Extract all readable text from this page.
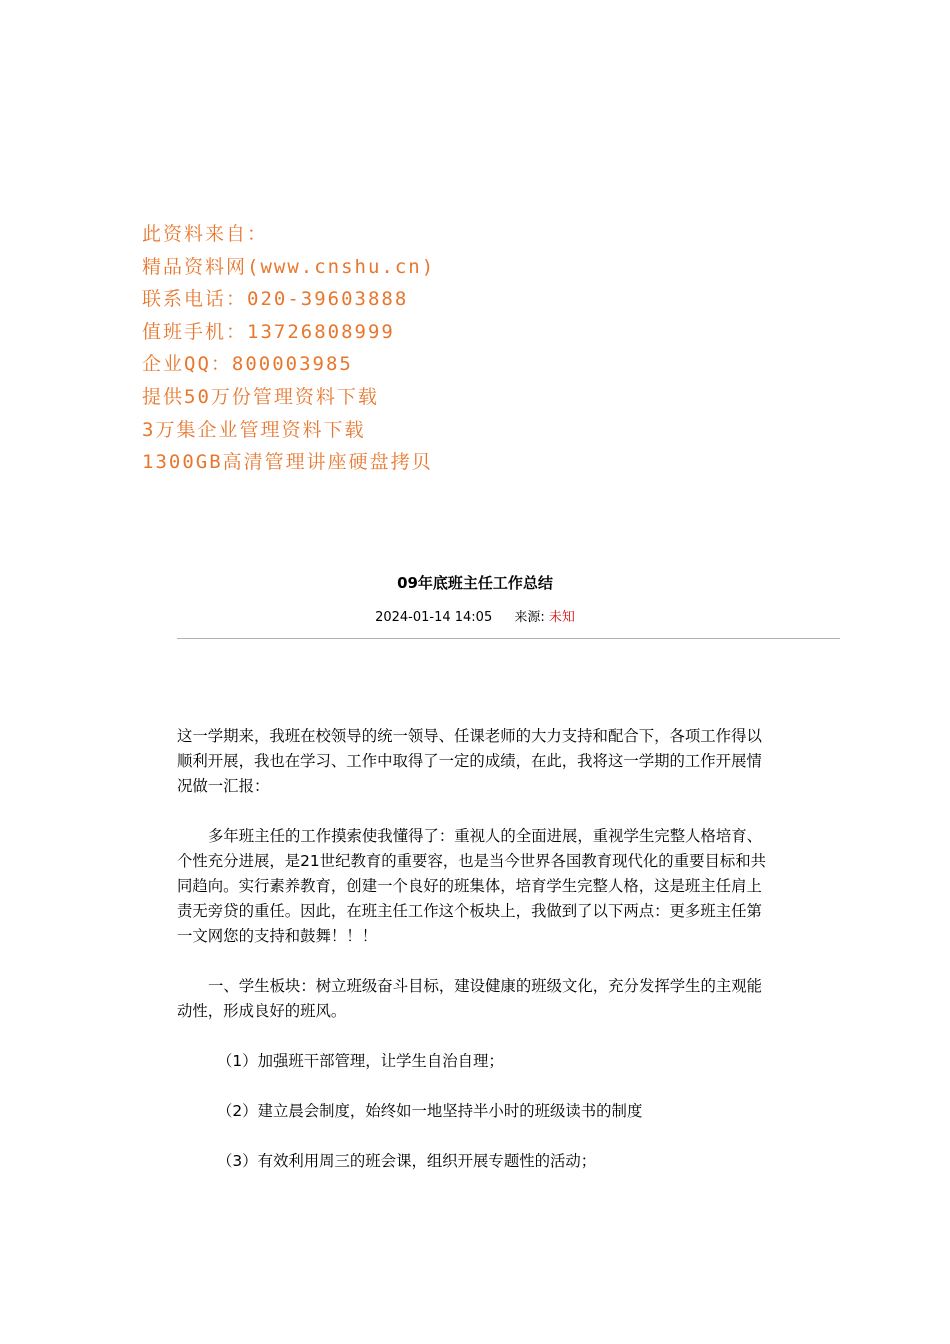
此资料来自：
精品资料网(www.cnshu.cn)
联系电话：020-39603888
值班手机：13726808999
企业QQ：800003985
提供50万份管理资料下载
3万集企业管理资料下载
1300GB高清管理讲座硬盘拷贝
09年底班主任工作总结
2024-01-14 14:05 来源: 未知

这一学期来，我班在校领导的统一领导、任课老师的大力支持和配合下，各项工作得以顺利开展，我也在学习、工作中取得了一定的成绩，在此，我将这一学期的工作开展情况做一汇报：

多年班主任的工作摸索使我懂得了：重视人的全面进展，重视学生完整人格培育、个性充分进展，是21世纪教育的重要容，也是当今世界各国教育现代化的重要目标和共同趋向。实行素养教育，创建一个良好的班集体，培育学生完整人格，这是班主任肩上责无旁贷的重任。因此，在班主任工作这个板块上，我做到了以下两点：更多班主任第一文网您的支持和鼓舞！！！

一、学生板块：树立班级奋斗目标，建设健康的班级文化，充分发挥学生的主观能动性，形成良好的班风。

（1）加强班干部管理，让学生自治自理；

（2）建立晨会制度，始终如一地坚持半小时的班级读书的制度

（3）有效利用周三的班会课，组织开展专题性的活动；
